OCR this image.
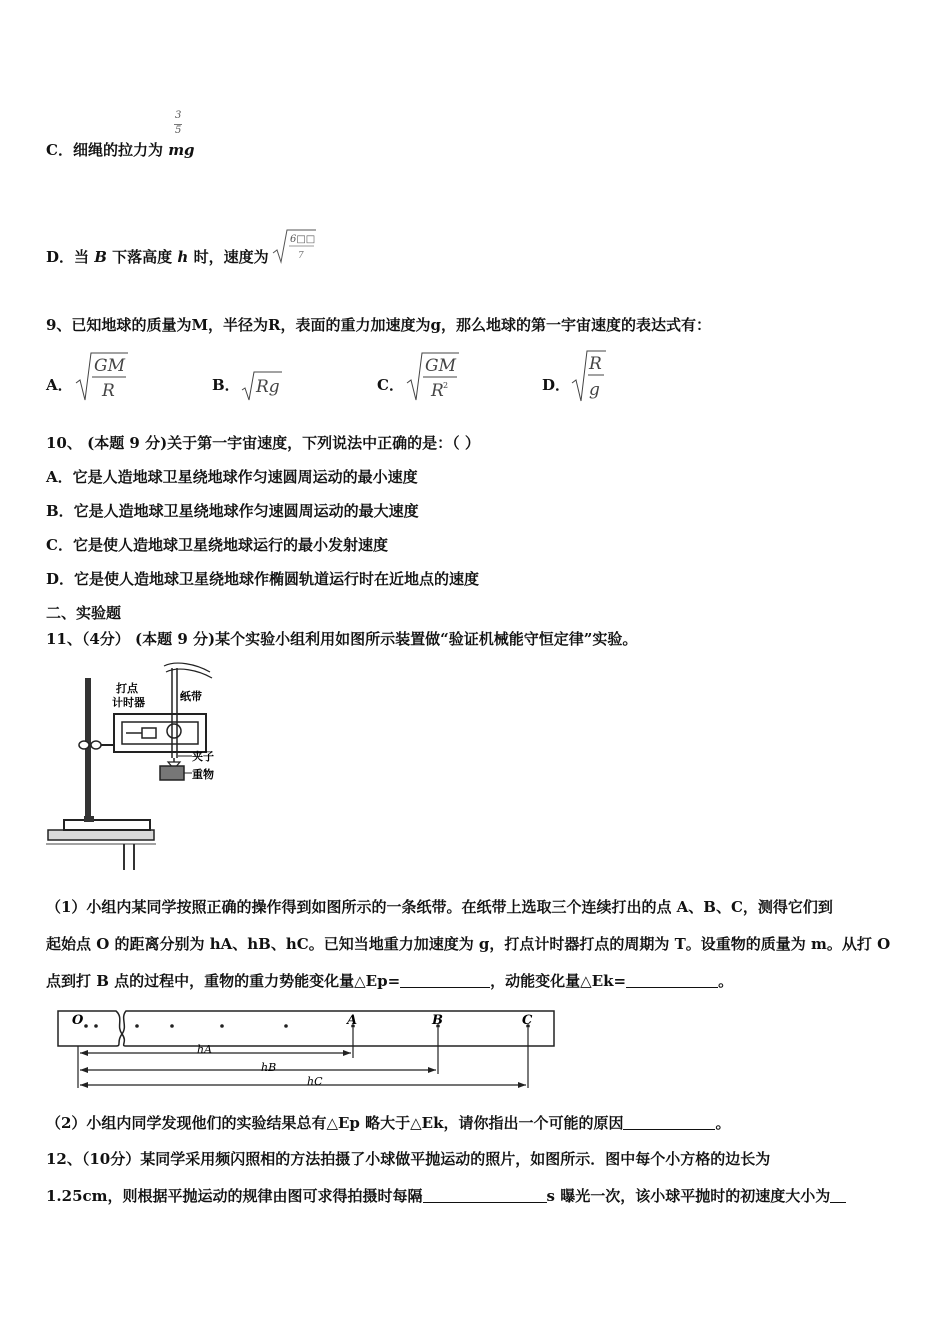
3
5
C．细绳的拉力为 mg
D．当 B 下落高度 h 时，速度为
6□□
7
9、已知地球的质量为M，半径为R，表面的重力加速度为g，那么地球的第一宇宙速度的表达式有：
A．
GM
R	B． Rg	C．
GM
R 2	D．
R
g
10、 (本题 9 分)关于第一宇宙速度，下列说法中正确的是：（ ）
A．它是人造地球卫星绕地球作匀速圆周运动的最小速度
B．它是人造地球卫星绕地球作匀速圆周运动的最大速度
C．它是使人造地球卫星绕地球运行的最小发射速度
D．它是使人造地球卫星绕地球作椭圆轨道运行时在近地点的速度
二、实验题
11、（4分） (本题 9 分)某个实验小组利用如图所示装置做“验证机械能守恒定律”实验。
打点
计时器	纸带
夹子
重物
（1）小组内某同学按照正确的操作得到如图所示的一条纸带。在纸带上选取三个连续打出的点 A、B、C，测得它们到
起始点 O 的距离分别为 hA、hB、hC。已知当地重力加速度为 g，打点计时器打点的周期为 T。设重物的质量为 m。从打 O
点到打 B 点的过程中，重物的重力势能变化量△Ep=	，动能变化量△Ek=	。
O	A	B	C
hA
hB
hC
（2）小组内同学发现他们的实验结果总有△Ep 略大于△Ek，请你指出一个可能的原因	。
12、（10分）某同学采用频闪照相的方法拍摄了小球做平抛运动的照片，如图所示．图中每个小方格的边长为
1.25cm，则根据平抛运动的规律由图可求得拍摄时每隔	s 曝光一次，该小球平抛时的初速度大小为
